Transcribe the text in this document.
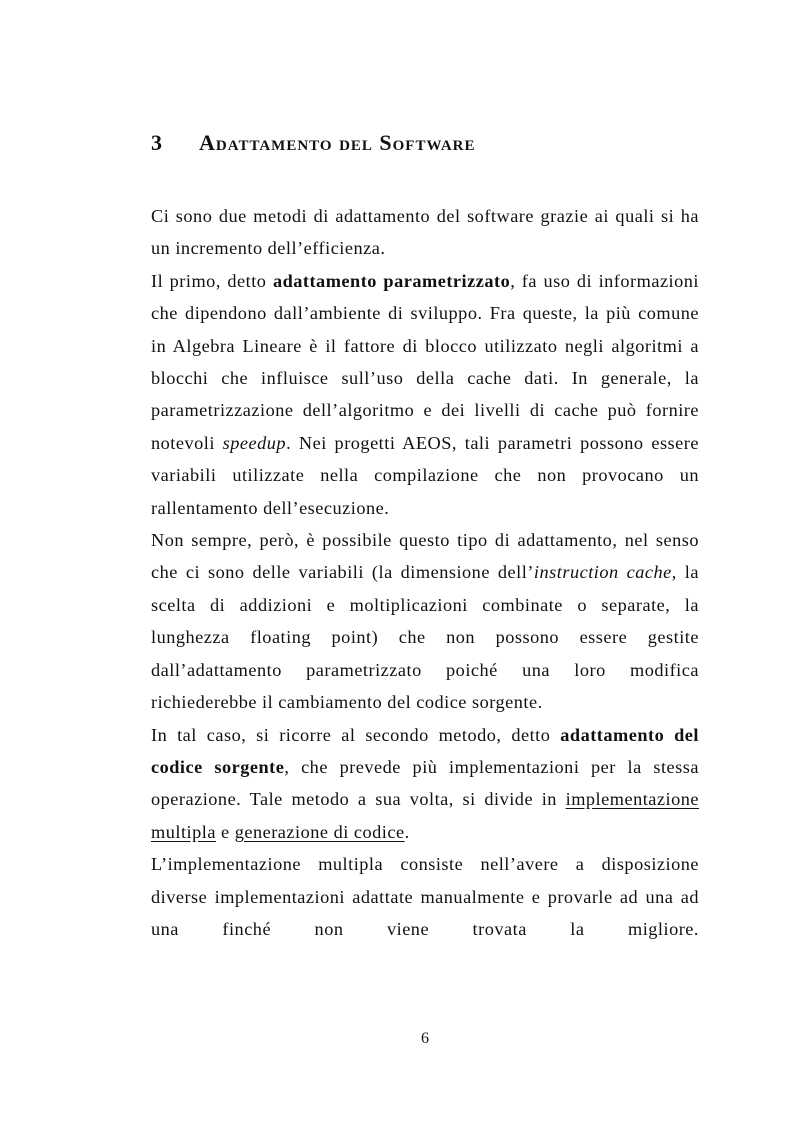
3 Adattamento del Software

Ci sono due metodi di adattamento del software grazie ai quali si ha un incremento dell’efficienza.

Il primo, detto adattamento parametrizzato, fa uso di informazioni che dipendono dall’ambiente di sviluppo. Fra queste, la più comune in Algebra Lineare è il fattore di blocco utilizzato negli algoritmi a blocchi che influisce sull’uso della cache dati. In generale, la parametrizzazione dell’algoritmo e dei livelli di cache può fornire notevoli speedup. Nei progetti AEOS, tali parametri possono essere variabili utilizzate nella compilazione che non provocano un rallentamento dell’esecuzione.

Non sempre, però, è possibile questo tipo di adattamento, nel senso che ci sono delle variabili (la dimensione dell’instruction cache, la scelta di addizioni e moltiplicazioni combinate o separate, la lunghezza floating point) che non possono essere gestite dall’adattamento parametrizzato poiché una loro modifica richiederebbe il cambiamento del codice sorgente.

In tal caso, si ricorre al secondo metodo, detto adattamento del codice sorgente, che prevede più implementazioni per la stessa operazione. Tale metodo a sua volta, si divide in implementazione multipla e generazione di codice.

L’implementazione multipla consiste nell’avere a disposizione diverse implementazioni adattate manualmente e provarle ad una ad una finché non viene trovata la migliore.

6
